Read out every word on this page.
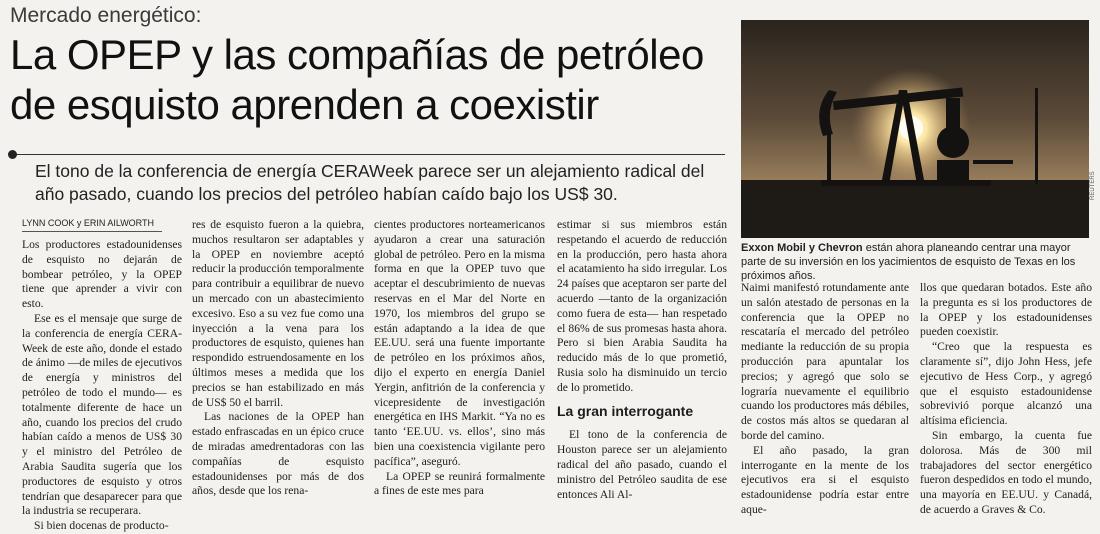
Mercado energético:

La OPEP y las compañías de petróleo
de esquisto aprenden a coexistir

El tono de la conferencia de energía CERAWeek parece ser un alejamiento radical del año pasado, cuando los precios del petróleo habían caído bajo los US$ 30.	REUTERS
Exxon Mobil y Chevron están ahora planeando centrar una mayor parte de su inversión en los yacimientos de esquisto de Texas en los próximos años.
LYNN COOK y ERIN AILWORTH

Los productores estadounidenses de esquisto no dejarán de bombear petróleo, y la OPEP tiene que aprender a vivir con esto.

Ese es el mensaje que surge de la conferencia de energía CERA-Week de este año, donde el estado de ánimo —de miles de ejecutivos de energía y ministros del petróleo de todo el mundo— es totalmente diferente de hace un año, cuando los precios del crudo habían caído a menos de US$ 30 y el ministro del Petróleo de Arabia Saudita sugería que los productores de esquisto y otros tendrían que desaparecer para que la industria se recuperara.

Si bien docenas de producto-

res de esquisto fueron a la quiebra, muchos resultaron ser adaptables y la OPEP en noviembre aceptó reducir la producción temporalmente para contribuir a equilibrar de nuevo un mercado con un abastecimiento excesivo. Eso a su vez fue como una inyección a la vena para los productores de esquisto, quienes han respondido estruendosamente en los últimos meses a medida que los precios se han estabilizado en más de US$ 50 el barril.

Las naciones de la OPEP han estado enfrascadas en un épico cruce de miradas amedrentadoras con las compañías de esquisto estadounidenses por más de dos años, desde que los rena-

cientes productores norteamericanos ayudaron a crear una saturación global de petróleo. Pero en la misma forma en que la OPEP tuvo que aceptar el descubrimiento de nuevas reservas en el Mar del Norte en 1970, los miembros del grupo se están adaptando a la idea de que EE.UU. será una fuente importante de petróleo en los próximos años, dijo el experto en energía Daniel Yergin, anfitrión de la conferencia y vicepresidente de investigación energética en IHS Markit. “Ya no es tanto ‘EE.UU. vs. ellos’, sino más bien una coexistencia vigilante pero pacífica”, aseguró.

La OPEP se reunirá formalmente a fines de este mes para

estimar si sus miembros están respetando el acuerdo de reducción en la producción, pero hasta ahora el acatamiento ha sido irregular. Los 24 países que aceptaron ser parte del acuerdo —tanto de la organización como fuera de esta— han respetado el 86% de sus promesas hasta ahora. Pero si bien Arabia Saudita ha reducido más de lo que prometió, Rusia solo ha disminuido un tercio de lo prometido.

La gran interrogante

El tono de la conferencia de Houston parece ser un alejamiento radical del año pasado, cuando el ministro del Petróleo saudita de ese entonces Ali Al-

Naimi manifestó rotundamente ante un salón atestado de personas en la conferencia que la OPEP no rescataría el mercado del petróleo mediante la reducción de su propia producción para apuntalar los precios; y agregó que solo se lograría nuevamente el equilibrio cuando los productores más débiles, de costos más altos se quedaran al borde del camino.

El año pasado, la gran interrogante en la mente de los ejecutivos era si el esquisto estadounidense podría estar entre aque-

llos que quedaran botados. Este año la pregunta es si los productores de la OPEP y los estadounidenses pueden coexistir.

“Creo que la respuesta es claramente sí”, dijo John Hess, jefe ejecutivo de Hess Corp., y agregó que el esquisto estadounidense sobrevivió porque alcanzó una altísima eficiencia.

Sin embargo, la cuenta fue dolorosa. Más de 300 mil trabajadores del sector energético fueron despedidos en todo el mundo, una mayoría en EE.UU. y Canadá, de acuerdo a Graves & Co.
